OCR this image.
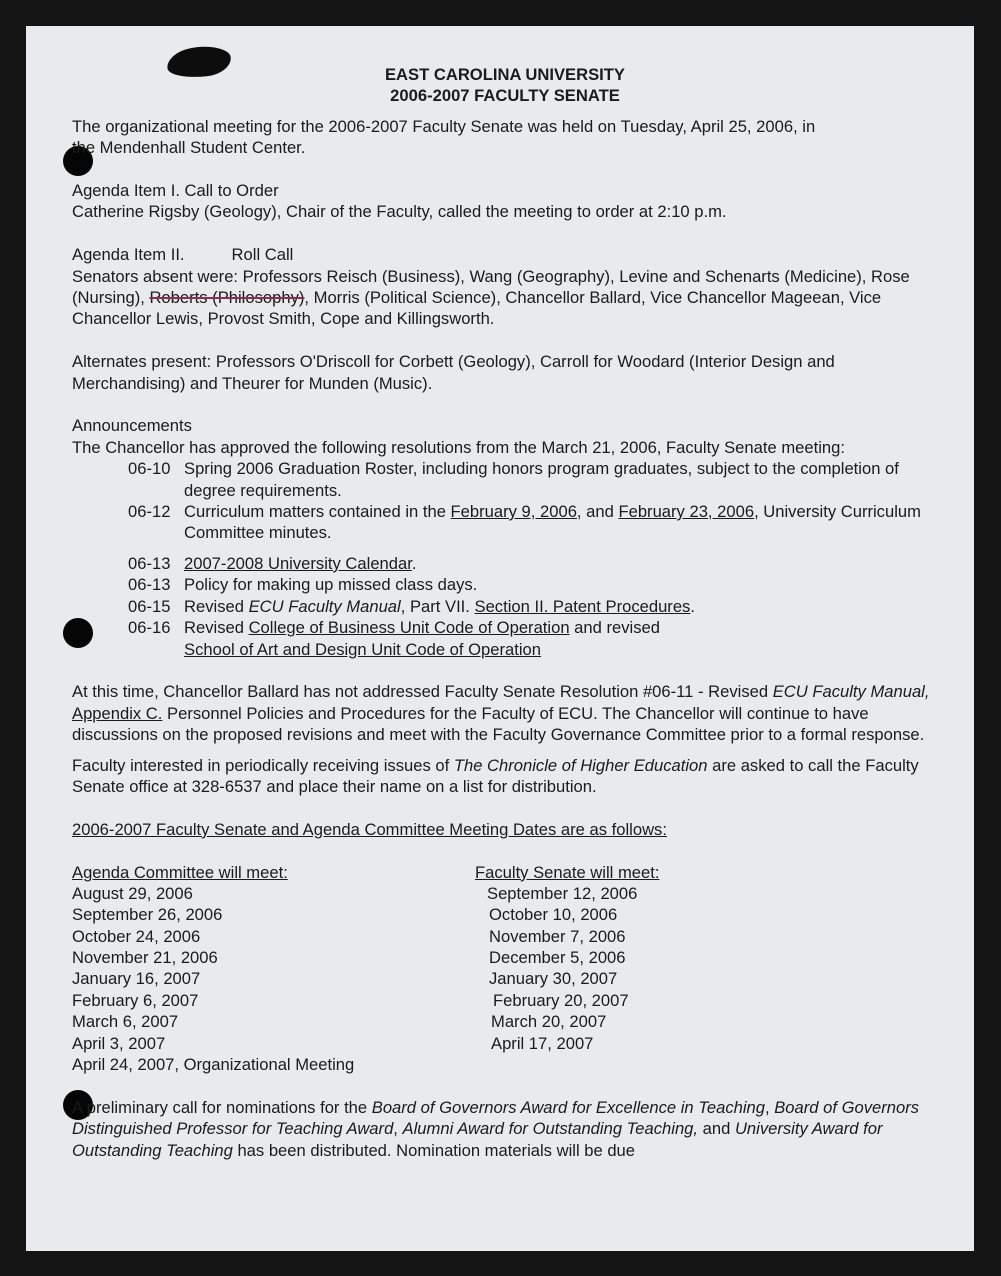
EAST CAROLINA UNIVERSITY
2006-2007 FACULTY SENATE

The organizational meeting for the 2006-2007 Faculty Senate was held on Tuesday, April 25, 2006, in

the Mendenhall Student Center.

Agenda Item I. Call to Order

Catherine Rigsby (Geology), Chair of the Faculty, called the meeting to order at 2:10 p.m.

Agenda Item II.	Roll Call

Senators absent were: Professors Reisch (Business), Wang (Geography), Levine and Schenarts (Medicine), Rose (Nursing), Roberts (Philosophy), Morris (Political Science), Chancellor Ballard, Vice Chancellor Mageean, Vice Chancellor Lewis, Provost Smith, Cope and Killingsworth.

Alternates present: Professors O'Driscoll for Corbett (Geology), Carroll for Woodard (Interior Design and Merchandising) and Theurer for Munden (Music).

Announcements

The Chancellor has approved the following resolutions from the March 21, 2006, Faculty Senate meeting:

06-10 Spring 2006 Graduation Roster, including honors program graduates, subject to the completion of degree requirements.
06-12 Curriculum matters contained in the February 9, 2006, and February 23, 2006, University Curriculum Committee minutes.
06-13 2007-2008 University Calendar.
06-13 Policy for making up missed class days.
06-15 Revised ECU Faculty Manual, Part VII. Section II. Patent Procedures.
06-16 Revised College of Business Unit Code of Operation and revised
School of Art and Design Unit Code of Operation

At this time, Chancellor Ballard has not addressed Faculty Senate Resolution #06-11 - Revised ECU Faculty Manual, Appendix C. Personnel Policies and Procedures for the Faculty of ECU. The Chancellor will continue to have discussions on the proposed revisions and meet with the Faculty Governance Committee prior to a formal response.

Faculty interested in periodically receiving issues of The Chronicle of Higher Education are asked to call the Faculty Senate office at 328-6537 and place their name on a list for distribution.

2006-2007 Faculty Senate and Agenda Committee Meeting Dates are as follows:

Agenda Committee will meet:
August 29, 2006
September 26, 2006
October 24, 2006
November 21, 2006
January 16, 2007
February 6, 2007
March 6, 2007
April 3, 2007
April 24, 2007, Organizational Meeting
Faculty Senate will meet:
September 12, 2006
October 10, 2006
November 7, 2006
December 5, 2006
January 30, 2007
February 20, 2007
March 20, 2007
April 17, 2007

A preliminary call for nominations for the Board of Governors Award for Excellence in Teaching, Board of Governors Distinguished Professor for Teaching Award, Alumni Award for Outstanding Teaching, and University Award for Outstanding Teaching has been distributed. Nomination materials will be due
